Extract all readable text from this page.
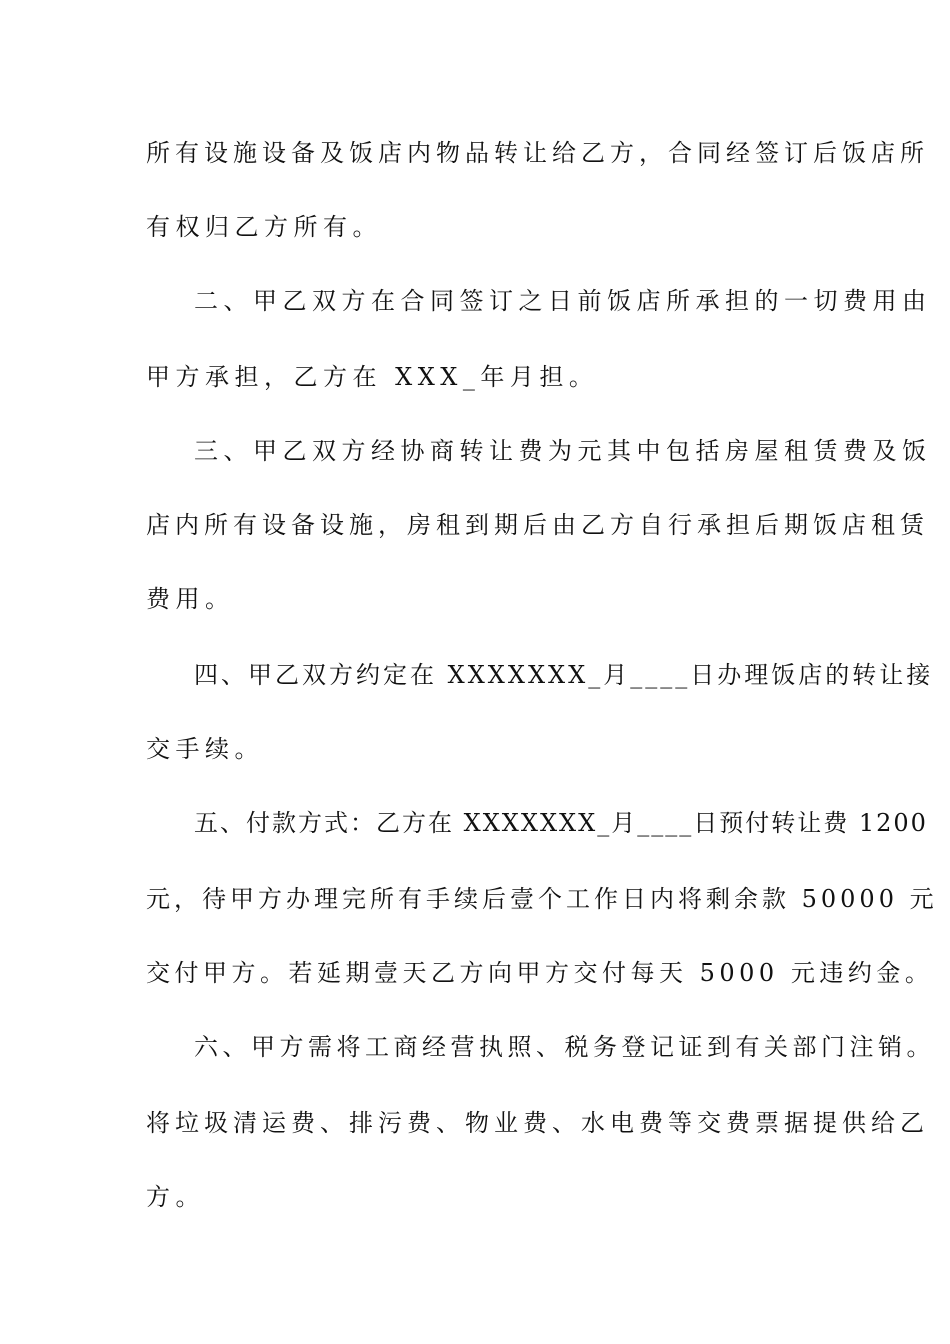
所有设施设备及饭店内物品转让给乙方，合同经签订后饭店所
有权归乙方所有。
二、甲乙双方在合同签订之日前饭店所承担的一切费用由
甲方承担，乙方在 XXX_年月担。
三、甲乙双方经协商转让费为元其中包括房屋租赁费及饭
店内所有设备设施，房租到期后由乙方自行承担后期饭店租赁
费用。
四、甲乙双方约定在 XXXXXXX_月____日办理饭店的转让接
交手续。
五、付款方式：乙方在 XXXXXXX_月____日预付转让费 1200
元，待甲方办理完所有手续后壹个工作日内将剩余款 50000 元
交付甲方。若延期壹天乙方向甲方交付每天 5000 元违约金。
六、甲方需将工商经营执照、税务登记证到有关部门注销。
将垃圾清运费、排污费、物业费、水电费等交费票据提供给乙
方。
